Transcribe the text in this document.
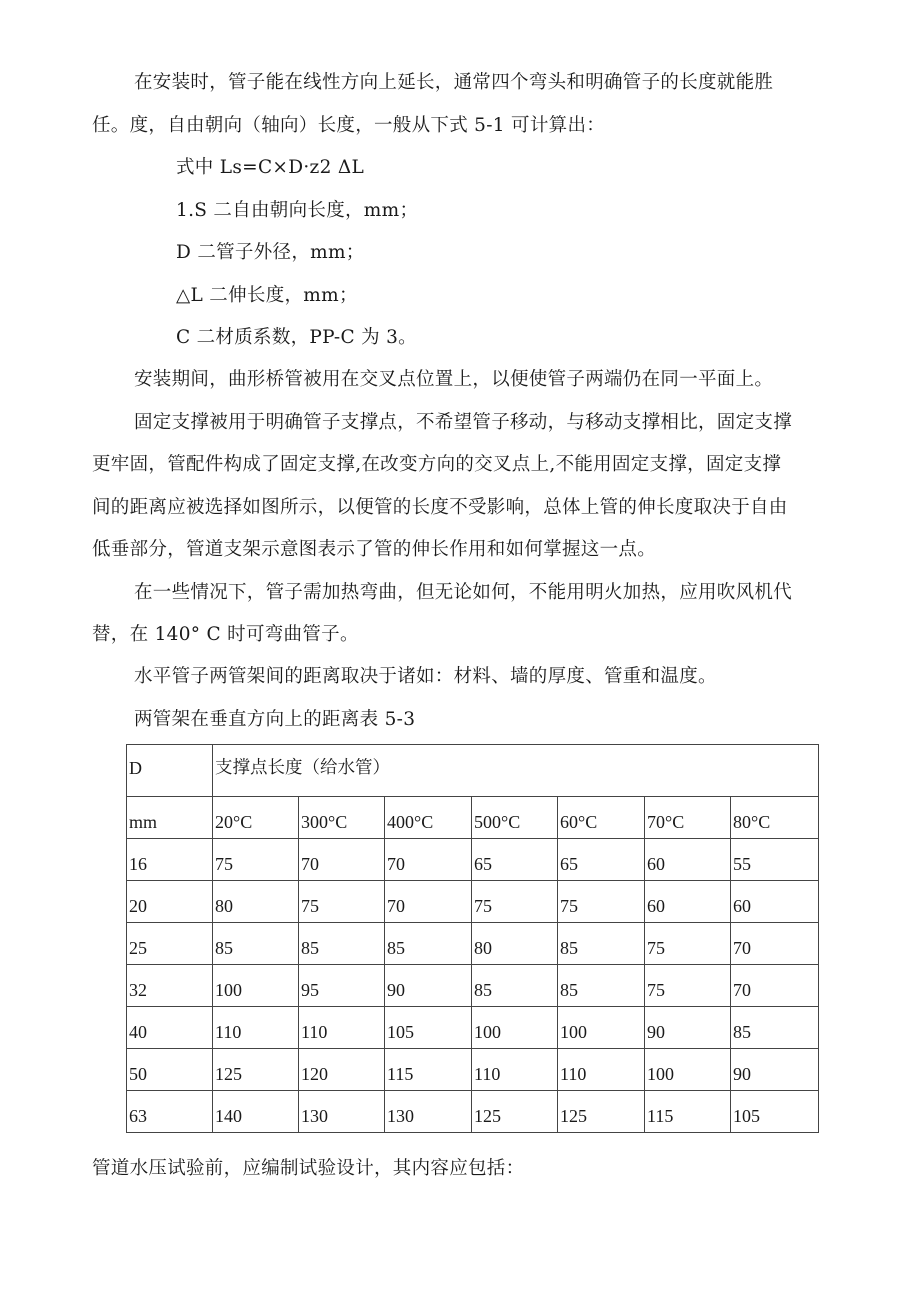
在安装时，管子能在线性方向上延长，通常四个弯头和明确管子的长度就能胜

任。度，自由朝向（轴向）长度，一般从下式 5-1 可计算出：

式中 Ls=C×D·z2 ΔL

1.S 二自由朝向长度，mm；

D 二管子外径，mm；

△L 二伸长度，mm；

C 二材质系数，PP-C 为 3。

安装期间，曲形桥管被用在交叉点位置上，以便使管子两端仍在同一平面上。

固定支撑被用于明确管子支撑点，不希望管子移动，与移动支撑相比，固定支撑

更牢固，管配件构成了固定支撑,在改变方向的交叉点上,不能用固定支撑，固定支撑

间的距离应被选择如图所示，以便管的长度不受影响，总体上管的伸长度取决于自由

低垂部分，管道支架示意图表示了管的伸长作用和如何掌握这一点。

在一些情况下，管子需加热弯曲，但无论如何，不能用明火加热，应用吹风机代

替，在 140° C 时可弯曲管子。

水平管子两管架间的距离取决于诸如：材料、墙的厚度、管重和温度。

两管架在垂直方向上的距离表 5-3

D	支撑点长度（给水管）						
mm	20°C	300°C	400°C	500°C	60°C	70°C	80°C
16	75	70	70	65	65	60	55
20	80	75	70	75	75	60	60
25	85	85	85	80	85	75	70
32	100	95	90	85	85	75	70
40	110	110	105	100	100	90	85
50	125	120	115	110	110	100	90
63	140	130	130	125	125	115	105

管道水压试验前，应编制试验设计，其内容应包括：
